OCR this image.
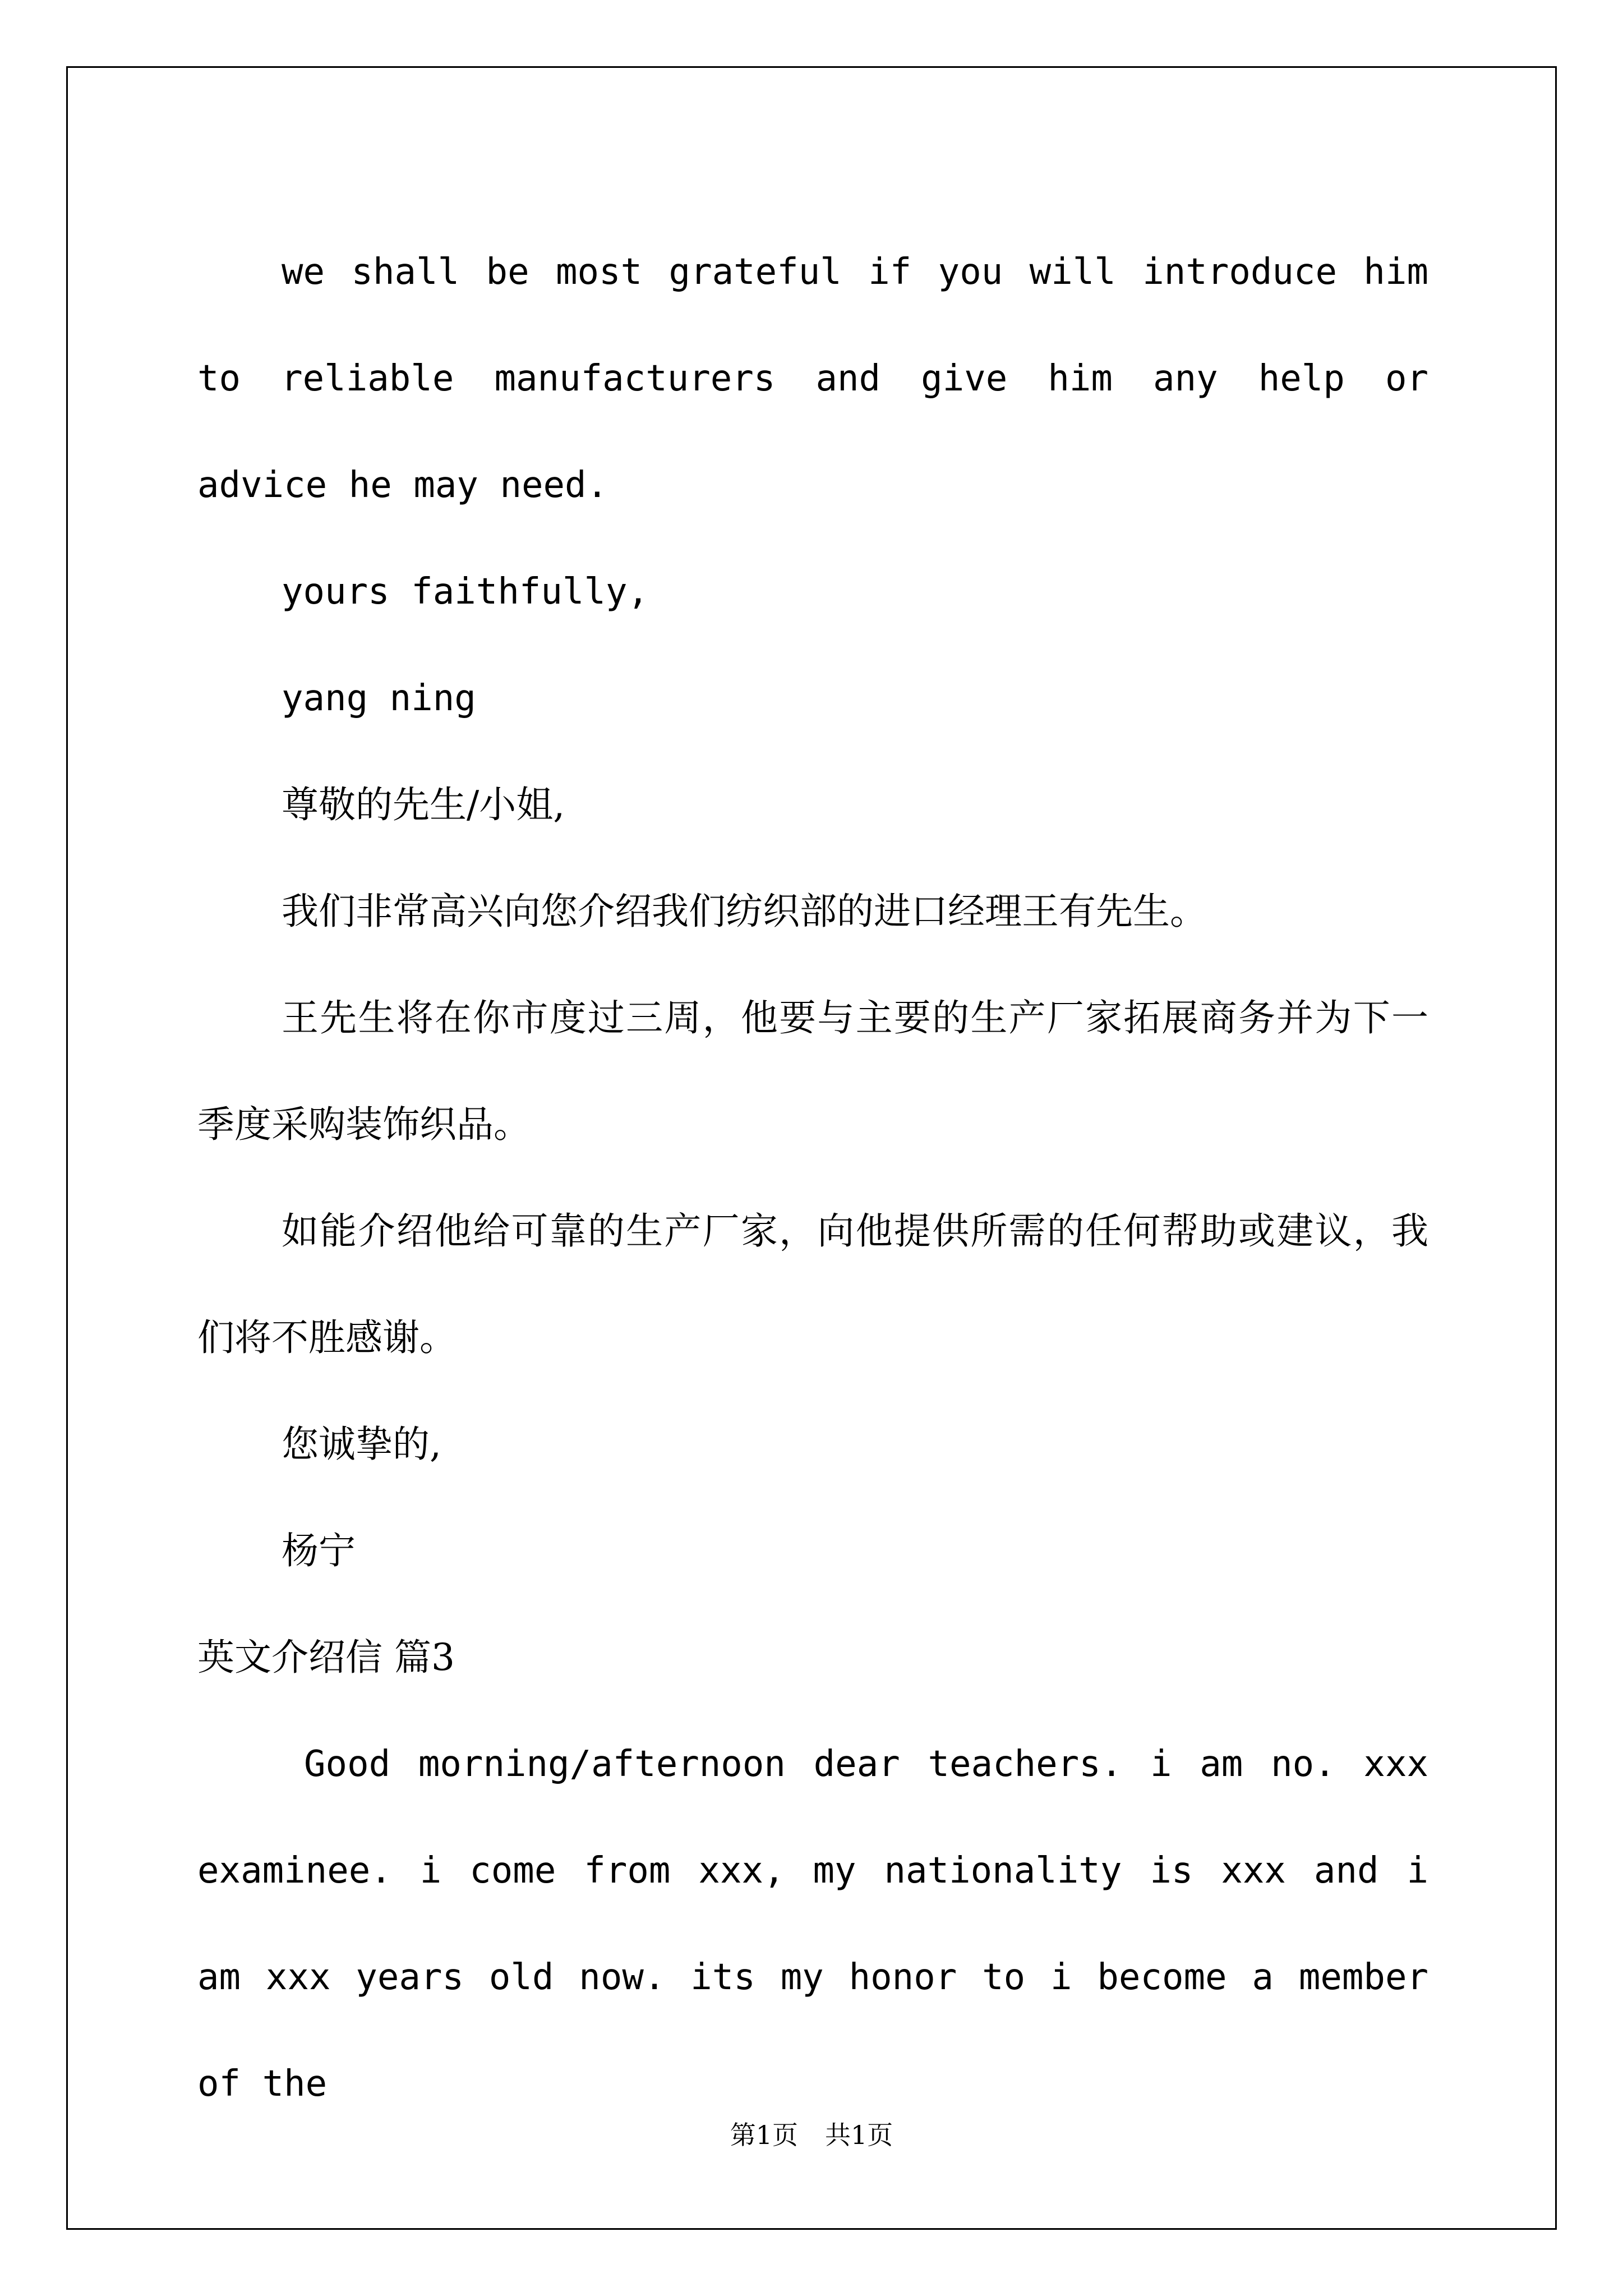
we shall be most grateful if you will introduce him to reliable manufacturers and give him any help or advice he may need.

yours faithfully,

yang ning

尊敬的先生/小姐,

我们非常高兴向您介绍我们纺织部的进口经理王有先生。

王先生将在你市度过三周，他要与主要的生产厂家拓展商务并为下一季度采购装饰织品。

如能介绍他给可靠的生产厂家，向他提供所需的任何帮助或建议，我们将不胜感谢。

您诚挚的,

杨宁

英文介绍信 篇3

Good morning/afternoon dear teachers. i am no. xxx examinee. i come from xxx, my nationality is xxx and i am xxx years old now. its my honor to i become a member of the

第1页 共1页
